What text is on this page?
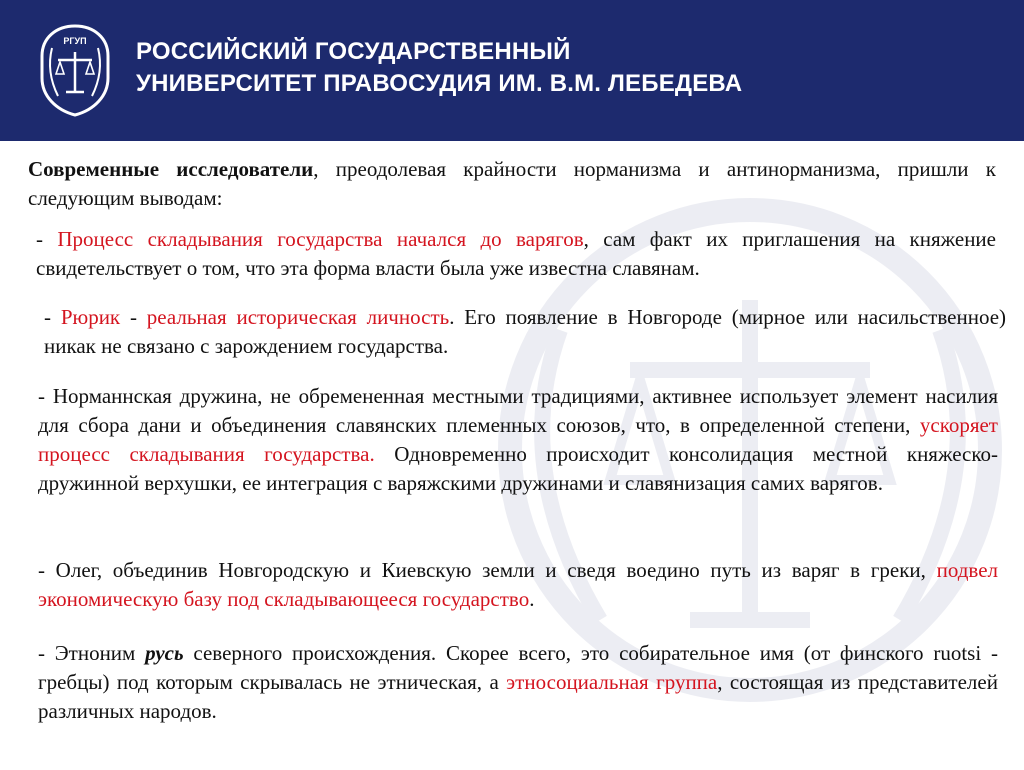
РГУП РОССИЙСКИЙ ГОСУДАРСТВЕННЫЙ
УНИВЕРСИТЕТ ПРАВОСУДИЯ ИМ. В.М. ЛЕБЕДЕВА
Современные исследователи, преодолевая крайности норманизма и антинорманизма, пришли к следующим выводам:
- Процесс складывания государства начался до варягов, сам факт их приглашения на княжение свидетельствует о том, что эта форма власти была уже известна славянам.
- Рюрик - реальная историческая личность. Его появление в Новгороде (мирное или насильственное) никак не связано с зарождением государства.
- Норманнская дружина, не обремененная местными традициями, активнее использует элемент насилия для сбора дани и объединения славянских племенных союзов, что, в определенной степени, ускоряет процесс складывания государства. Одновременно происходит консолидация местной княжеско-дружинной верхушки, ее интеграция с варяжскими дружинами и славянизация самих варягов.
- Олег, объединив Новгородскую и Киевскую земли и сведя воедино путь из варяг в греки, подвел экономическую базу под складывающееся государство.
- Этноним русь северного происхождения. Скорее всего, это собирательное имя (от финского ruotsi - гребцы) под которым скрывалась не этническая, а этносоциальная группа, состоящая из представителей различных народов.
